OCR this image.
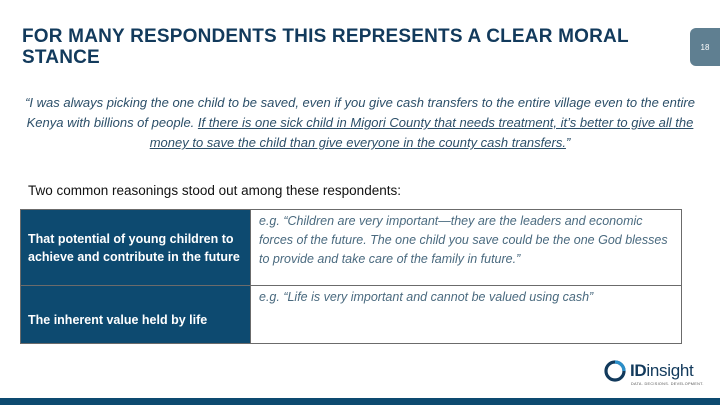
FOR MANY RESPONDENTS THIS REPRESENTS A CLEAR MORAL STANCE	18
“I was always picking the one child to be saved, even if you give cash transfers to the entire village even to the entire Kenya with billions of people. If there is one sick child in Migori County that needs treatment, it’s better to give all the money to save the child than give everyone in the county cash transfers.”
Two common reasonings stood out among these respondents:
That potential of young children to achieve and contribute in the future	e.g. “Children are very important—they are the leaders and economic forces of the future. The one child you save could be the one God blesses to provide and take care of the family in future.”
The inherent value held by life	e.g. “Life is very important and cannot be valued using cash”
IDinsight
DATA. DECISIONS. DEVELOPMENT.
